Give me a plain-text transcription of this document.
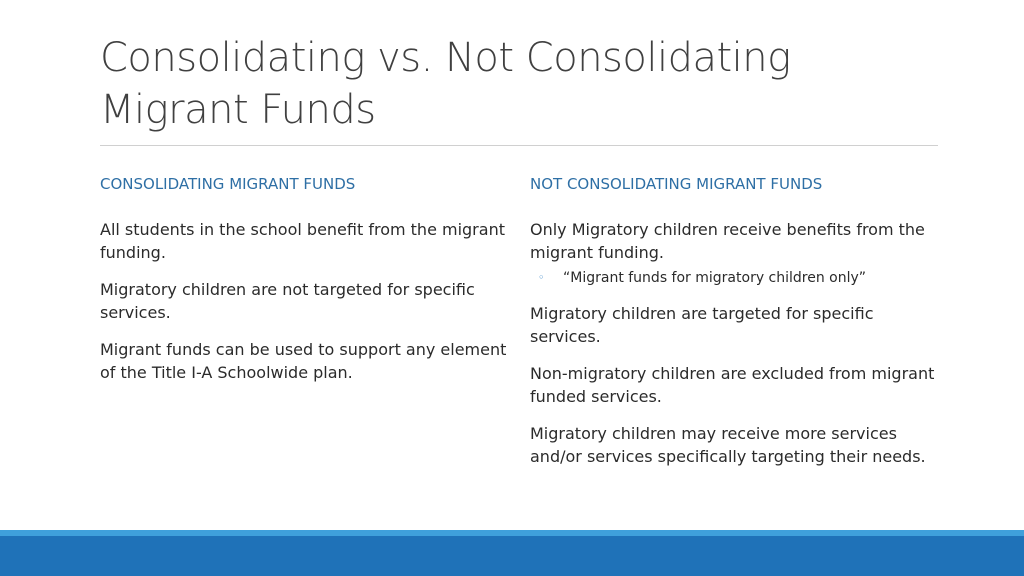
Consolidating vs. Not Consolidating
Migrant Funds
CONSOLIDATING MIGRANT FUNDS

All students in the school benefit from the migrant funding.

Migratory children are not targeted for specific services.

Migrant funds can be used to support any element of the Title I-A Schoolwide plan.

NOT CONSOLIDATING MIGRANT FUNDS

Only Migratory children receive benefits from the migrant funding.

◦ “Migrant funds for migratory children only”

Migratory children are targeted for specific services.

Non-migratory children are excluded from migrant funded services.

Migratory children may receive more services and/or services specifically targeting their needs.
